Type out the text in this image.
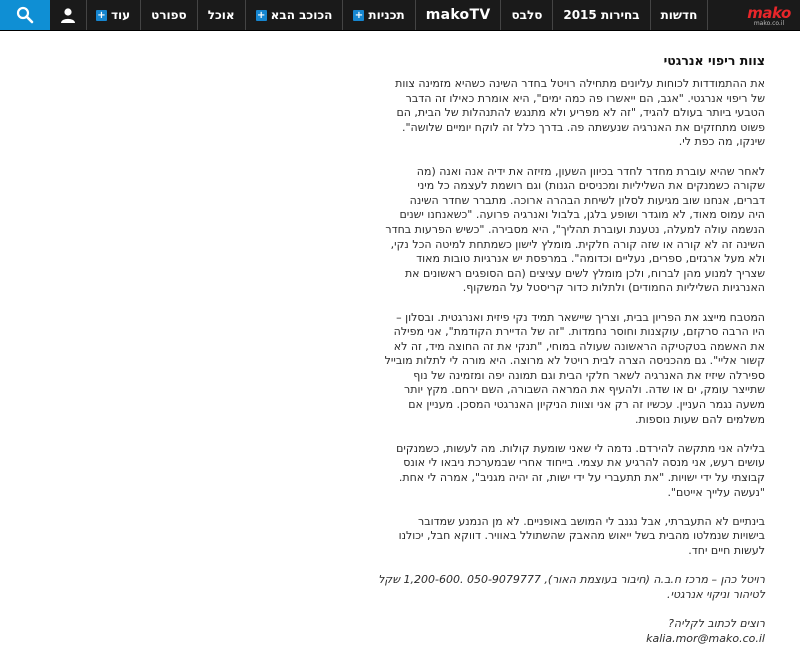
+ עוד ספורט אוכל + הכוכב הבא + תכניות makoTV סלבס בחירות 2015 חדשות	mako
mako.co.il
צוות ריפוי אנרגטי

את ההתמודדות לכוחות עליונים מתחילה רויטל בחדר השינה כשהיא מזמינה צוות
של ריפוי אנרגטי. "אגב, הם ייאשרו פה כמה ימים", היא אומרת כאילו זה הדבר
הטבעי ביותר בעולם להגיד, "זה לא מפריע ולא מתנגש להתנהלות של הבית, הם
פשוט מתחזקים את האנרגיה שנעשתה פה. בדרך כלל זה לוקח יומיים שלושה".
שינקו, מה כפת לי.

לאחר שהיא עוברת מחדר לחדר בכיוון השעון, מזיזה את ידיה אנה ואנה (מה
שקורה כשמנקים את השליליות ומכניסים הגנות) וגם רושמת לעצמה כל מיני
דברים, אנחנו שוב מגיעות לסלון לשיחת הבהרה ארוכה. מתברר שחדר השינה
היה עמוס מאוד, לא מוגדר ושופע בלגן, בלבול ואנרגיה פרועה. "כשאנחנו ישנים
הנשמה עולה למעלה, נטענת ועוברת תהליך", היא מסבירה. "כשיש הפרעות בחדר
השינה זה לא קורה או שזה קורה חלקית. מומלץ לישון כשמתחת למיטה הכל נקי,
ולא מעל ארגזים, ספרים, נעליים וכדומה". במרפסת יש אנרגיות טובות מאוד
שצריך למנוע מהן לברוח, ולכן מומלץ לשים עציצים (הם הסופגים ראשונים את
האנרגיות השליליות החמודים) ולתלות כדור קריסטל על המשקוף.

המטבח מייצג את הפריון בבית, וצריך שיישאר תמיד נקי פיזית ואנרגטית. ובסלון –
היו הרבה סרקזם, עוקצנות וחוסר נחמדות. "זה של הדיירת הקודמת", אני מפילה
את האשמה בטקטיקה הראשונה שעולה במוחי, "תנקי את זה החוצה מיד, זה לא
קשור אליי". גם מהכניסה הצרה לבית רויטל לא מרוצה. היא מורה לי לתלות מובייל
ספירלה שיזיז את האנרגיה לשאר חלקי הבית וגם תמונה יפה ומזמינה של נוף
שתייצר עומק, ים או שדה. ולהעיף את המראה השבורה, השם ירחם. מקץ יותר
משעה נגמר העניין. עכשיו זה רק אני וצוות הניקיון האנרגטי המסכן. מעניין אם
משלמים להם שעות נוספות.

בלילה אני מתקשה להירדם. נדמה לי שאני שומעת קולות. מה לעשות, כשמנקים
עושים רעש, אני מנסה להרגיע את עצמי. בייחוד אחרי שבמערכת ניבאו לי אונס
קבוצתי על ידי ישויות. "את תתעברי על ידי ישות, זה יהיה מגניב", אמרה לי אחת.
"נעשה עלייך אייטם".

בינתיים לא התעברתי, אבל נגנב לי המושב באופניים. לא מן הנמנע שמדובר
בישויות שנמלטו מהבית בשל ייאוש מהאבק שהשתולל באוויר. דווקא חבל, יכולנו
לעשות חיים יחד.

רויטל כהן – מרכז ח.ב.ה (חיבור בעוצמת האור), 050-9079777 .1,200-600 שקל
לטיהור וניקוי אנרגטי.

רוצים לכתוב לקליה?
kalia.mor@mako.co.il
